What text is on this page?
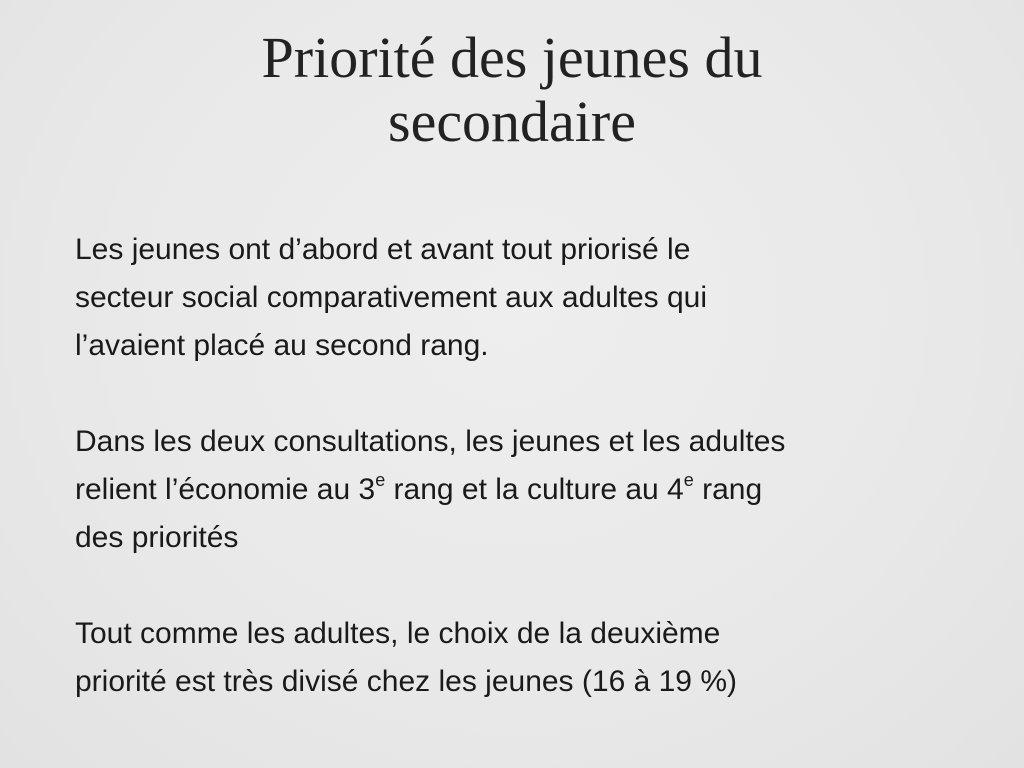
Priorité des jeunes du
secondaire

Les jeunes ont d’abord et avant tout priorisé le
secteur social comparativement aux adultes qui
l’avaient placé au second rang.

Dans les deux consultations, les jeunes et les adultes
relient l’économie au 3e rang et la culture au 4e rang
des priorités

Tout comme les adultes, le choix de la deuxième
priorité est très divisé chez les jeunes (16 à 19 %)
